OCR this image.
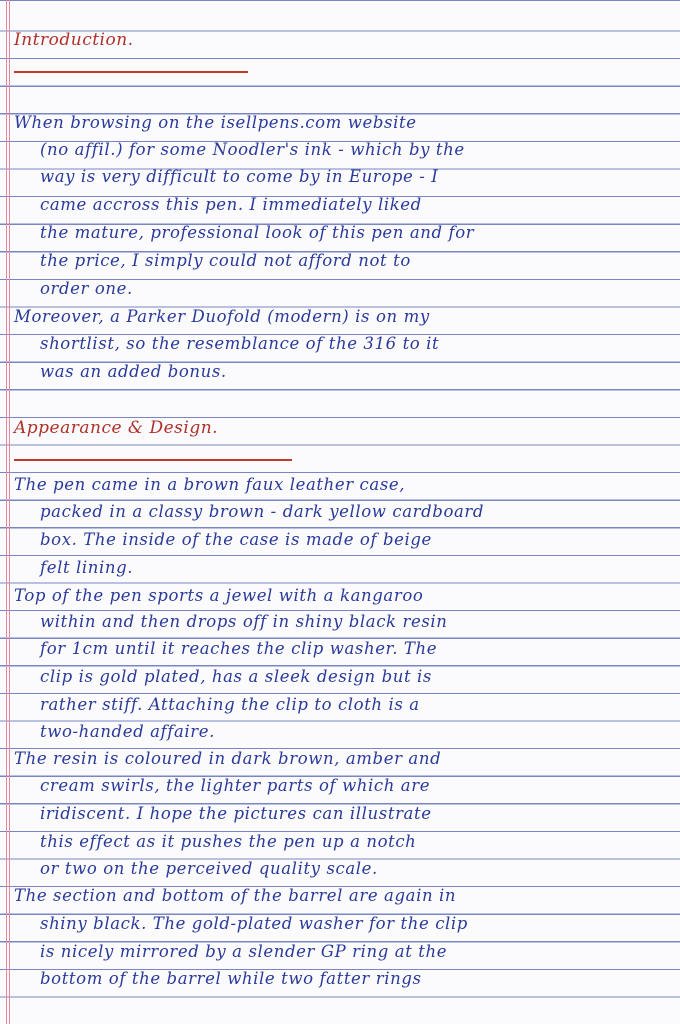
Introduction.
When browsing on the isellpens.com website
(no affil.) for some Noodler's ink - which by the
way is very difficult to come by in Europe - I
came accross this pen. I immediately liked
the mature, professional look of this pen and for
the price, I simply could not afford not to
order one.
Moreover, a Parker Duofold (modern) is on my
shortlist, so the resemblance of the 316 to it
was an added bonus.
Appearance & Design.
The pen came in a brown faux leather case,
packed in a classy brown - dark yellow cardboard
box. The inside of the case is made of beige
felt lining.
Top of the pen sports a jewel with a kangaroo
within and then drops off in shiny black resin
for 1cm until it reaches the clip washer. The
clip is gold plated, has a sleek design but is
rather stiff. Attaching the clip to cloth is a
two-handed affaire.
The resin is coloured in dark brown, amber and
cream swirls, the lighter parts of which are
iridiscent. I hope the pictures can illustrate
this effect as it pushes the pen up a notch
or two on the perceived quality scale.
The section and bottom of the barrel are again in
shiny black. The gold-plated washer for the clip
is nicely mirrored by a slender GP ring at the
bottom of the barrel while two fatter rings
